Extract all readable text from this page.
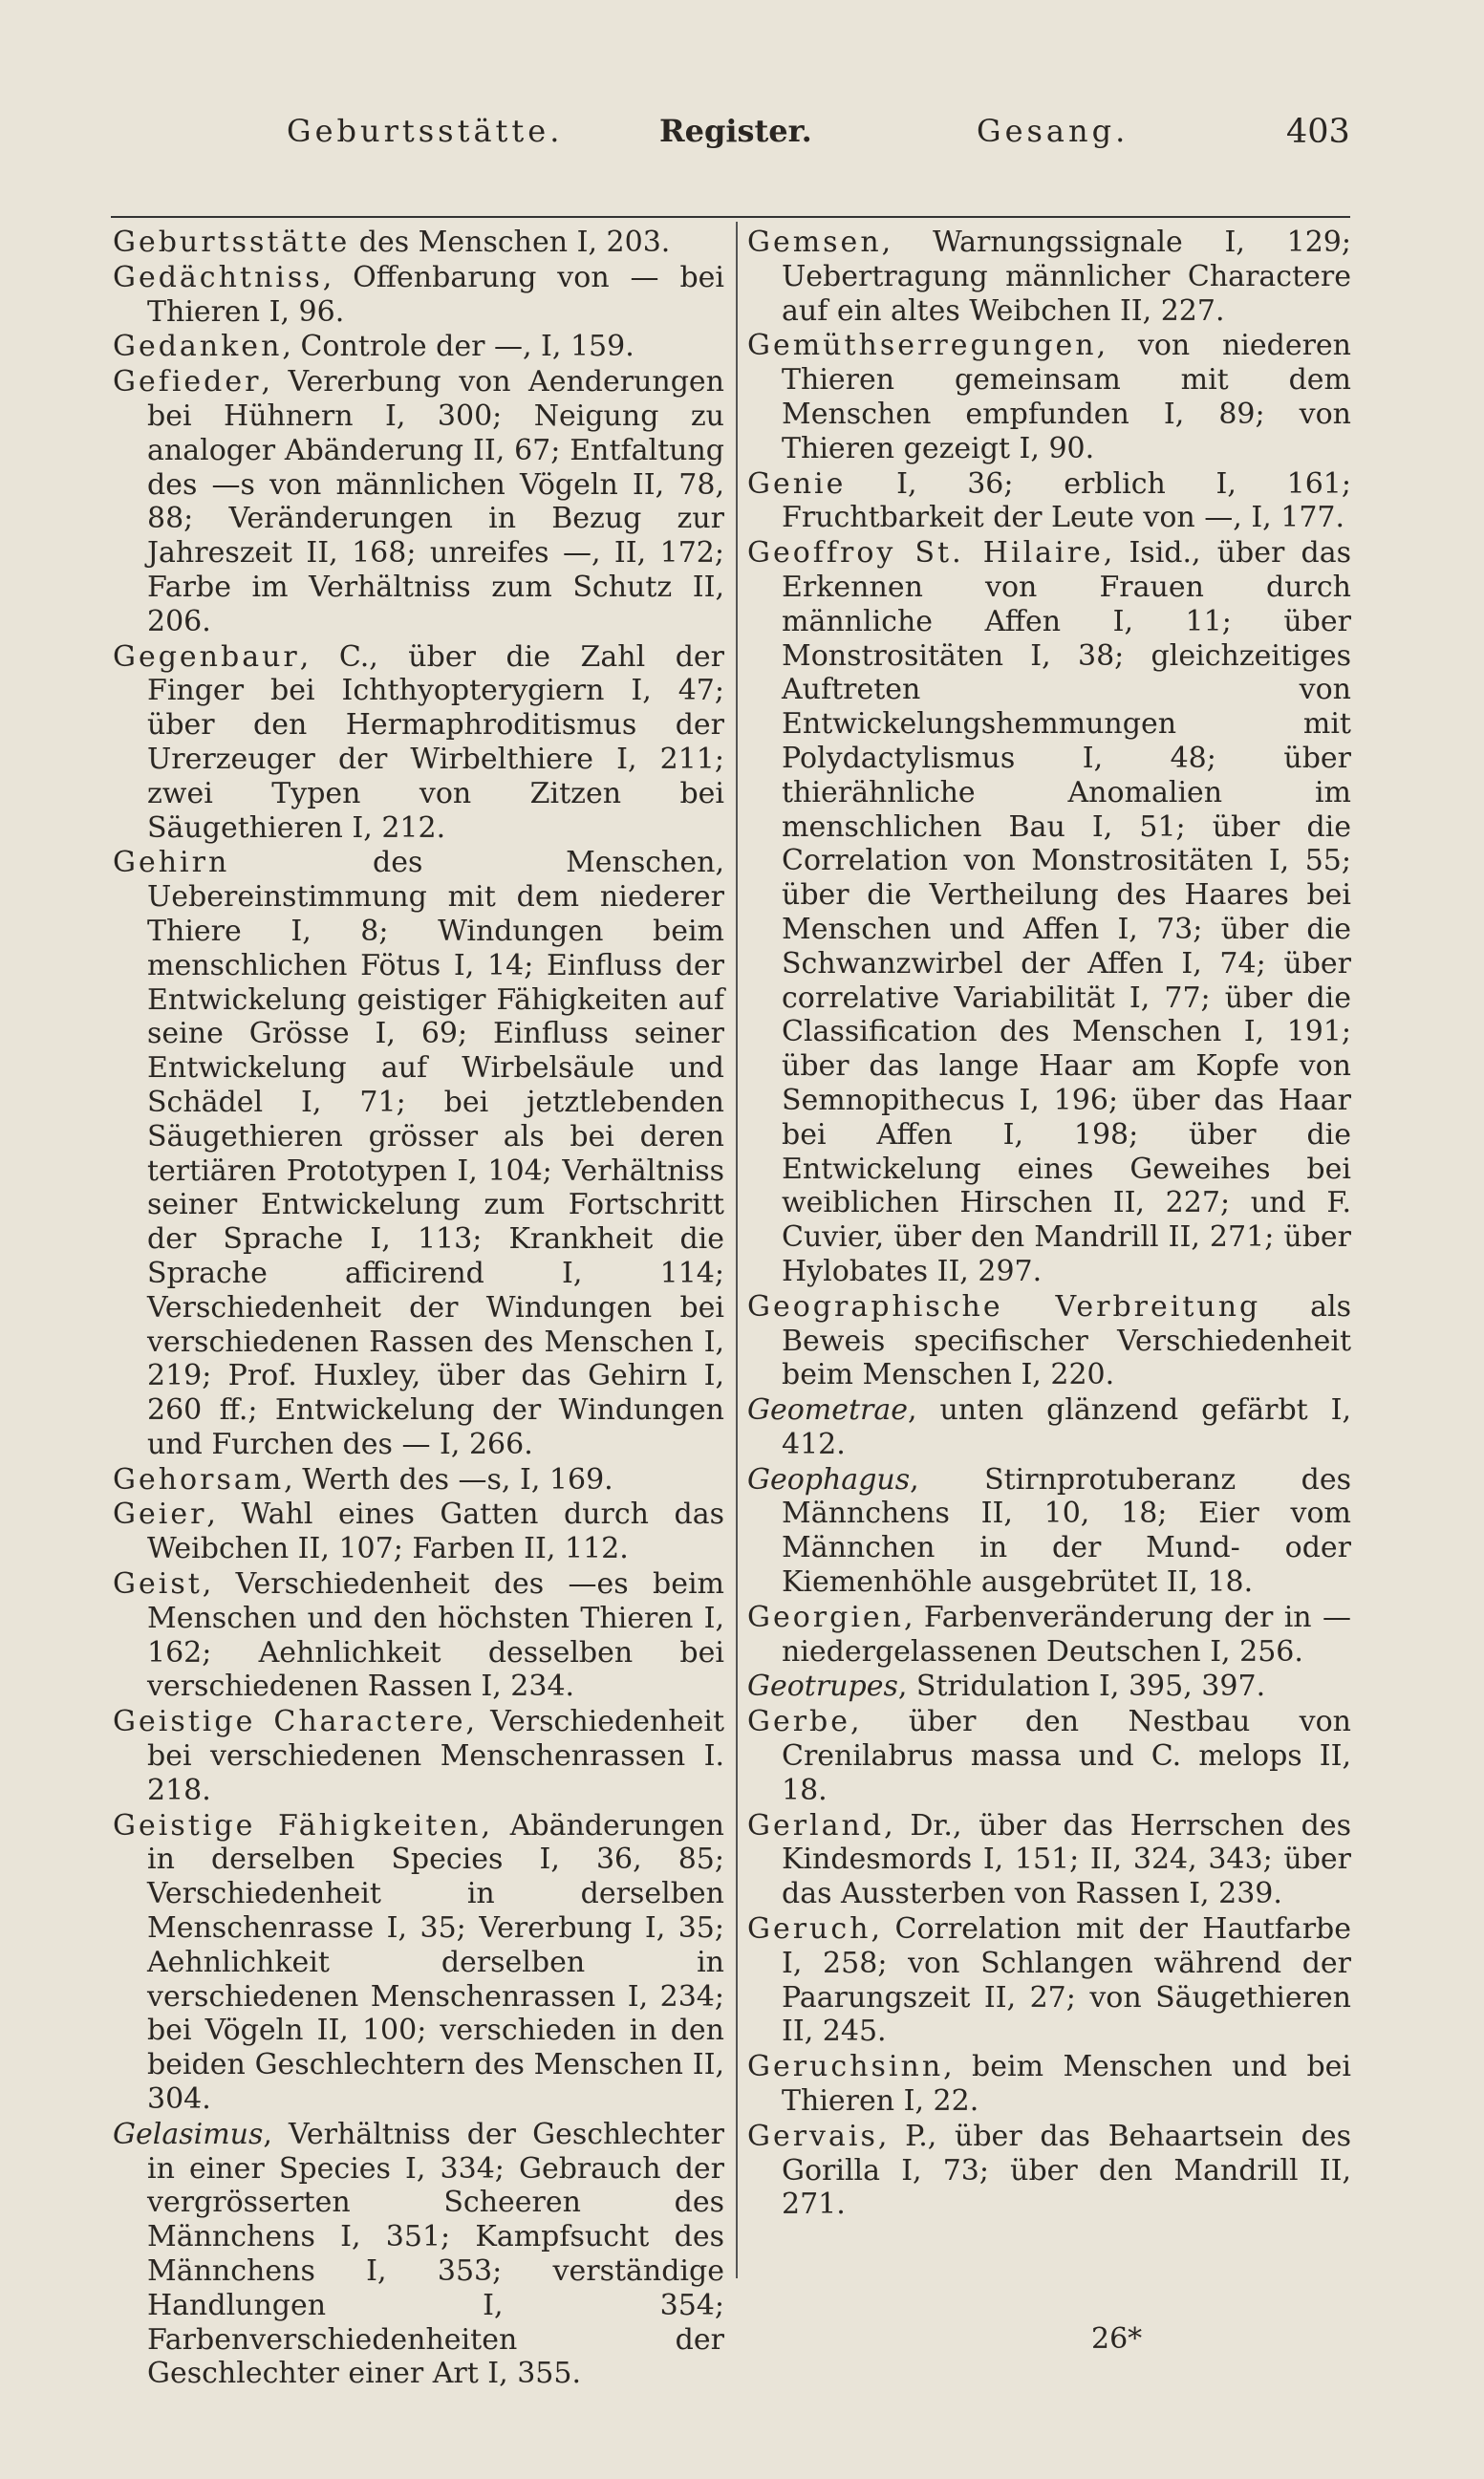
Geburtsstätte.	Register.	Gesang.	403

Geburtsstätte des Menschen I, 203.

Gedächtniss, Offenbarung von — bei Thieren I, 96.

Gedanken, Controle der —, I, 159.

Gefieder, Vererbung von Aenderungen bei Hühnern I, 300; Neigung zu analoger Abänderung II, 67; Entfaltung des —s von männlichen Vögeln II, 78, 88; Veränderungen in Bezug zur Jahreszeit II, 168; unreifes —, II, 172; Farbe im Verhältniss zum Schutz II, 206.

Gegenbaur, C., über die Zahl der Finger bei Ichthyopterygiern I, 47; über den Hermaphroditismus der Urerzeuger der Wirbelthiere I, 211; zwei Typen von Zitzen bei Säugethieren I, 212.

Gehirn des Menschen, Uebereinstimmung mit dem niederer Thiere I, 8; Windungen beim menschlichen Fötus I, 14; Einfluss der Entwickelung geistiger Fähigkeiten auf seine Grösse I, 69; Einfluss seiner Entwickelung auf Wirbelsäule und Schädel I, 71; bei jetztlebenden Säugethieren grösser als bei deren tertiären Prototypen I, 104; Verhältniss seiner Entwickelung zum Fortschritt der Sprache I, 113; Krankheit die Sprache afficirend I, 114; Verschiedenheit der Windungen bei verschiedenen Rassen des Menschen I, 219; Prof. Huxley, über das Gehirn I, 260 ff.; Entwickelung der Windungen und Furchen des — I, 266.

Gehorsam, Werth des —s, I, 169.

Geier, Wahl eines Gatten durch das Weibchen II, 107; Farben II, 112.

Geist, Verschiedenheit des —es beim Menschen und den höchsten Thieren I, 162; Aehnlichkeit desselben bei verschiedenen Rassen I, 234.

Geistige Charactere, Verschiedenheit bei verschiedenen Menschenrassen I. 218.

Geistige Fähigkeiten, Abänderungen in derselben Species I, 36, 85; Verschiedenheit in derselben Menschenrasse I, 35; Vererbung I, 35; Aehnlichkeit derselben in verschiedenen Menschenrassen I, 234; bei Vögeln II, 100; verschieden in den beiden Geschlechtern des Menschen II, 304.

Gelasimus, Verhältniss der Geschlechter in einer Species I, 334; Gebrauch der vergrösserten Scheeren des Männchens I, 351; Kampfsucht des Männchens I, 353; verständige Handlungen I, 354; Farbenverschiedenheiten der Geschlechter einer Art I, 355.

Gemsen, Warnungssignale I, 129; Uebertragung männlicher Charactere auf ein altes Weibchen II, 227.

Gemüthserregungen, von niederen Thieren gemeinsam mit dem Menschen empfunden I, 89; von Thieren gezeigt I, 90.

Genie I, 36; erblich I, 161; Fruchtbarkeit der Leute von —, I, 177.

Geoffroy St. Hilaire, Isid., über das Erkennen von Frauen durch männliche Affen I, 11; über Monstrositäten I, 38; gleichzeitiges Auftreten von Entwickelungshemmungen mit Polydactylismus I, 48; über thierähnliche Anomalien im menschlichen Bau I, 51; über die Correlation von Monstrositäten I, 55; über die Vertheilung des Haares bei Menschen und Affen I, 73; über die Schwanzwirbel der Affen I, 74; über correlative Variabilität I, 77; über die Classification des Menschen I, 191; über das lange Haar am Kopfe von Semnopithecus I, 196; über das Haar bei Affen I, 198; über die Entwickelung eines Geweihes bei weiblichen Hirschen II, 227; und F. Cuvier, über den Mandrill II, 271; über Hylobates II, 297.

Geographische Verbreitung als Beweis specifischer Verschiedenheit beim Menschen I, 220.

Geometrae, unten glänzend gefärbt I, 412.

Geophagus, Stirnprotuberanz des Männchens II, 10, 18; Eier vom Männchen in der Mund- oder Kiemenhöhle ausgebrütet II, 18.

Georgien, Farbenveränderung der in — niedergelassenen Deutschen I, 256.

Geotrupes, Stridulation I, 395, 397.

Gerbe, über den Nestbau von Crenilabrus massa und C. melops II, 18.

Gerland, Dr., über das Herrschen des Kindesmords I, 151; II, 324, 343; über das Aussterben von Rassen I, 239.

Geruch, Correlation mit der Hautfarbe I, 258; von Schlangen während der Paarungszeit II, 27; von Säugethieren II, 245.

Geruchsinn, beim Menschen und bei Thieren I, 22.

Gervais, P., über das Behaartsein des Gorilla I, 73; über den Mandrill II, 271.

26*
